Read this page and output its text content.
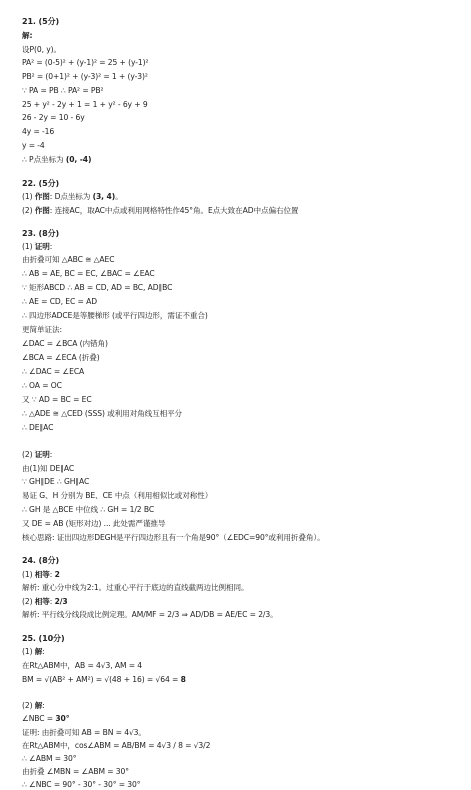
21. (5分)
解:
设P(0, y)。
PA² = (0-5)² + (y-1)² = 25 + (y-1)²
PB² = (0+1)² + (y-3)² = 1 + (y-3)²
∵ PA = PB ∴ PA² = PB²
25 + y² - 2y + 1 = 1 + y² - 6y + 9
26 - 2y = 10 - 6y
4y = -16
y = -4
∴ P点坐标为 (0, -4)
22. (5分)
(1) 作图: D点坐标为 (3, 4)。
(2) 作图: 连接AC，取AC中点或利用网格特性作45°角。E点大致在AD中点偏右位置
23. (8分)
(1) 证明:
由折叠可知 △ABC ≅ △AEC
∴ AB = AE, BC = EC, ∠BAC = ∠EAC
∵ 矩形ABCD ∴ AB = CD, AD = BC, AD∥BC
∴ AE = CD, EC = AD
∴ 四边形ADCE是等腰梯形 (或平行四边形，需证不重合)
更简单证法:
∠DAC = ∠BCA (内错角)
∠BCA = ∠ECA (折叠)
∴ ∠DAC = ∠ECA
∴ OA = OC
又 ∵ AD = BC = EC
∴ △ADE ≅ △CED (SSS) 或利用对角线互相平分
∴ DE∥AC
(2) 证明:
由(1)知 DE∥AC
∵ GH∥DE ∴ GH∥AC
易证 G、H 分别为 BE、CE 中点（利用相似比或对称性）
∴ GH 是 △BCE 中位线 ∴ GH = 1/2 BC
又 DE = AB (矩形对边) ... 此处需严谨推导
核心思路: 证出四边形DEGH是平行四边形且有一个角是90°（∠EDC=90°或利用折叠角）。
24. (8分)
(1) 相等: 2
解析: 重心分中线为2:1。过重心平行于底边的直线截两边比例相同。
(2) 相等: 2/3
解析: 平行线分线段成比例定理。AM/MF = 2/3 ⇒ AD/DB = AE/EC = 2/3。
25. (10分)
(1) 解:
在Rt△ABM中，AB = 4√3, AM = 4
BM = √(AB² + AM²) = √(48 + 16) = √64 = 8
(2) 解:
∠NBC = 30°
证明: 由折叠可知 AB = BN = 4√3。
在Rt△ABM中，cos∠ABM = AB/BM = 4√3 / 8 = √3/2
∴ ∠ABM = 30°
由折叠 ∠MBN = ∠ABM = 30°
∴ ∠NBC = 90° - 30° - 30° = 30°
